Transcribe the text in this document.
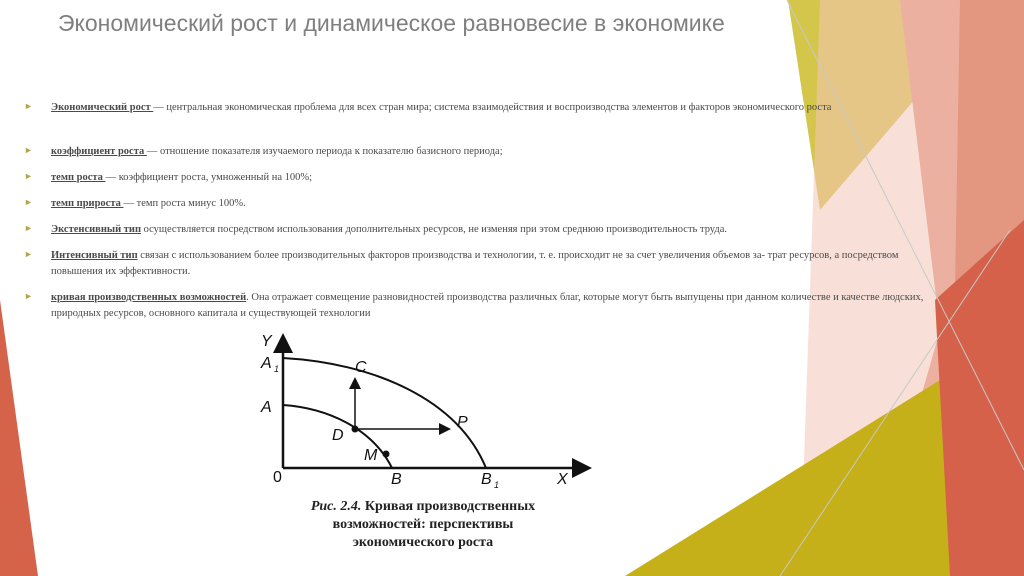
Экономический рост и динамическое равновесие в экономике
► Экономический рост — центральная экономическая проблема для всех стран мира; система взаимодействия и воспроизводства элементов и факторов экономического роста
► коэффициент роста — отношение показателя изучаемого периода к показателю базисного периода;
► темп роста — коэффициент роста, умноженный на 100%;
► темп прироста — темп роста минус 100%.
► Экстенсивный тип осуществляется посредством использования дополнительных ресурсов, не изменяя при этом среднюю производительность труда.
► Интенсивный тип связан с использованием более производительных факторов производства и технологии, т. е. происходит не за счет увеличения объемов за- трат ресурсов, а посредством повышения их эффективности.
► кривая производственных возможностей. Она отражает совмещение разновидностей производства различных благ, которые могут быть выпущены при данном количестве и качестве людских, природных ресурсов, основного капитала и существующей технологии
Y
A 1
A
C
D
P
M
0	B	B 1	X
Рис. 2.4. Кривая производственных
возможностей: перспективы
экономического роста
